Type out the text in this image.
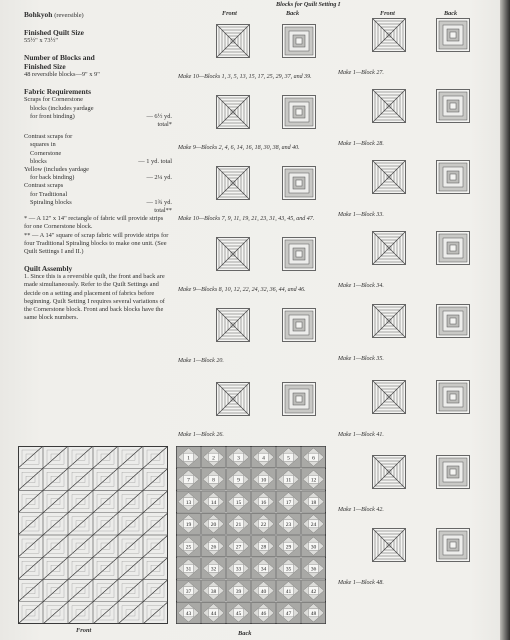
Bohkyoh (reversible)

Finished Quilt Size

55½" x 73½"

Number of Blocks and

Finished Size

48 reversible blocks—9" x 9"

Fabric Requirements

Scraps for Cornerstone

blocks (includes yardage

for front binding)	— 6½ yd.

total*

Contrast scraps for

squares in

Cornerstone

blocks	— 1 yd. total

Yellow (includes yardage

for back binding)	— 2¼ yd.

Contrast scraps

for Traditional

Spiraling blocks	— 1¾ yd.

total**

* — A 12" x 14" rectangle of fabric will provide strips for one Cornerstone block.

** — A 14" square of scrap fabric will provide strips for four Traditional Spiraling blocks to make one unit. (See Quilt Settings I and II.)

Quilt Assembly

1. Since this is a reversible quilt, the front and back are made simultaneously. Refer to the Quilt Settings and decide on a setting and placement of fabrics before beginning. Quilt Setting I requires several variations of the Cornerstone block. Front and back blocks have the same block numbers.

Blocks for Quilt Setting I
Front	Back	Front	Back
Make 10—Blocks 1, 3, 5, 13, 15, 17, 25, 29, 37, and 39.
Make 9—Blocks 2, 4, 6, 14, 16, 18, 30, 38, and 40.
Make 10—Blocks 7, 9, 11, 19, 21, 23, 31, 43, 45, and 47.
Make 9—Blocks 8, 10, 12, 22, 24, 32, 36, 44, and 46.
Make 1—Block 20.
Make 1—Block 26.
Make 1—Block 27.
Make 1—Block 28.
Make 1—Block 33.
Make 1—Block 34.
Make 1—Block 35.
Make 1—Block 41.
Make 1—Block 42.
Make 1—Block 48.
1	2	3	4	5	6
7	8	9	10	11	12
13	14	15	16	17	18
19	20	21	22	23	24
25	26	27	28	29	30
31	32	33	34	35	36
37	38	39	40	41	42
43	44	45	46	47	48
Front	Back
